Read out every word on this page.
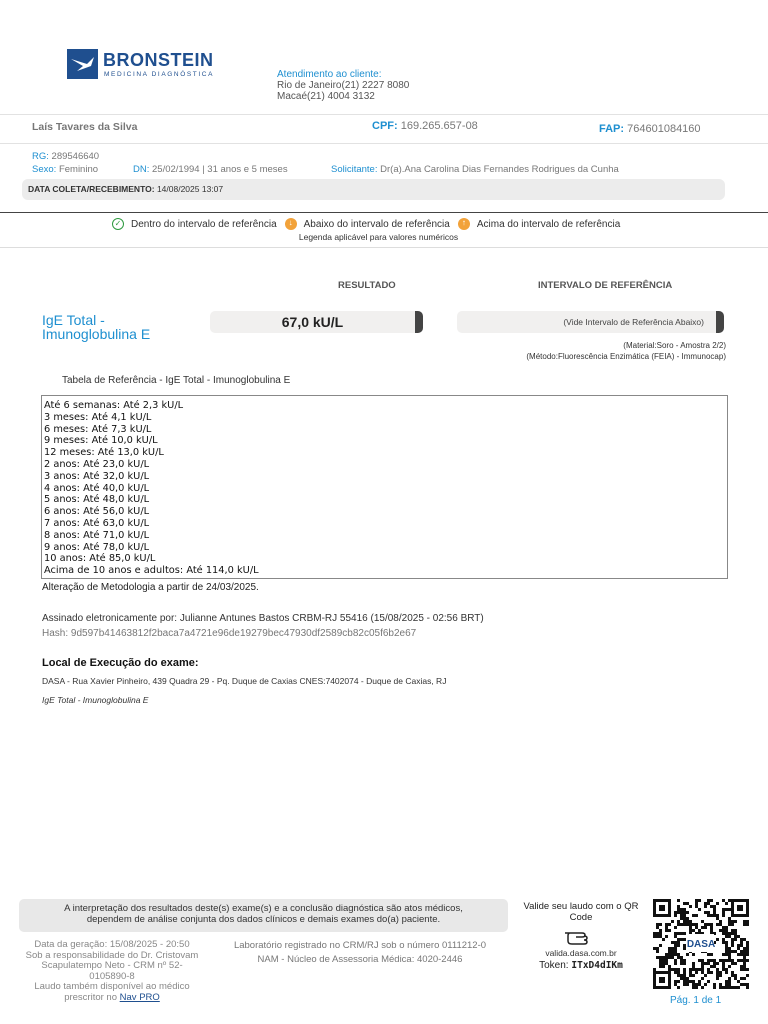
BRONSTEIN
MEDICINA DIAGNÓSTICA	Atendimento ao cliente:
Rio de Janeiro(21) 2227 8080
Macaé(21) 4004 3132
Laís Tavares da Silva	CPF: 169.265.657-08	FAP: 764601084160
RG: 289546640
Sexo: Feminino	DN: 25/02/1994 | 31 anos e 5 meses	Solicitante: Dr(a).Ana Carolina Dias Fernandes Rodrigues da Cunha
DATA COLETA/RECEBIMENTO: 14/08/2025 13:07
✓ Dentro do intervalo de referência	↓	Abaixo do intervalo de referência	↑	Acima do intervalo de referência
Legenda aplicável para valores numéricos
RESULTADO	INTERVALO DE REFERÊNCIA
IgE Total -
Imunoglobulina E
67,0 kU/L	(Vide Intervalo de Referência Abaixo)
(Material:Soro - Amostra 2/2)
(Método:Fluorescência Enzimática (FEIA) - Immunocap)
Tabela de Referência - IgE Total - Imunoglobulina E
Até 6 semanas: Até 2,3 kU/L
3 meses: Até 4,1 kU/L
6 meses: Até 7,3 kU/L
9 meses: Até 10,0 kU/L
12 meses: Até 13,0 kU/L
2 anos: Até 23,0 kU/L
3 anos: Até 32,0 kU/L
4 anos: Até 40,0 kU/L
5 anos: Até 48,0 kU/L
6 anos: Até 56,0 kU/L
7 anos: Até 63,0 kU/L
8 anos: Até 71,0 kU/L
9 anos: Até 78,0 kU/L
10 anos: Até 85,0 kU/L
Acima de 10 anos e adultos: Até 114,0 kU/L
Alteração de Metodologia a partir de 24/03/2025.
Assinado eletronicamente por: Julianne Antunes Bastos CRBM-RJ 55416 (15/08/2025 - 02:56 BRT)
Hash: 9d597b41463812f2baca7a4721e96de19279bec47930df2589cb82c05f6b2e67
Local de Execução do exame:
DASA - Rua Xavier Pinheiro, 439 Quadra 29 - Pq. Duque de Caxias CNES:7402074 - Duque de Caxias, RJ
IgE Total - Imunoglobulina E
A interpretação dos resultados deste(s) exame(s) e a conclusão diagnóstica são atos médicos,
dependem de análise conjunta dos dados clínicos e demais exames do(a) paciente.
Data da geração: 15/08/2025 - 20:50
Sob a responsabilidade do Dr. Cristovam
Scapulatempo Neto - CRM nº 52-
0105890-8
Laudo também disponível ao médico
prescritor no Nav PRO
Laboratório registrado no CRM/RJ sob o número 0111212-0
NAM - Núcleo de Assessoria Médica: 4020-2446
Valide seu laudo com o QR
Code
valida.dasa.com.br
Token: ITxD4dIKm
DASA
Pág. 1 de 1
